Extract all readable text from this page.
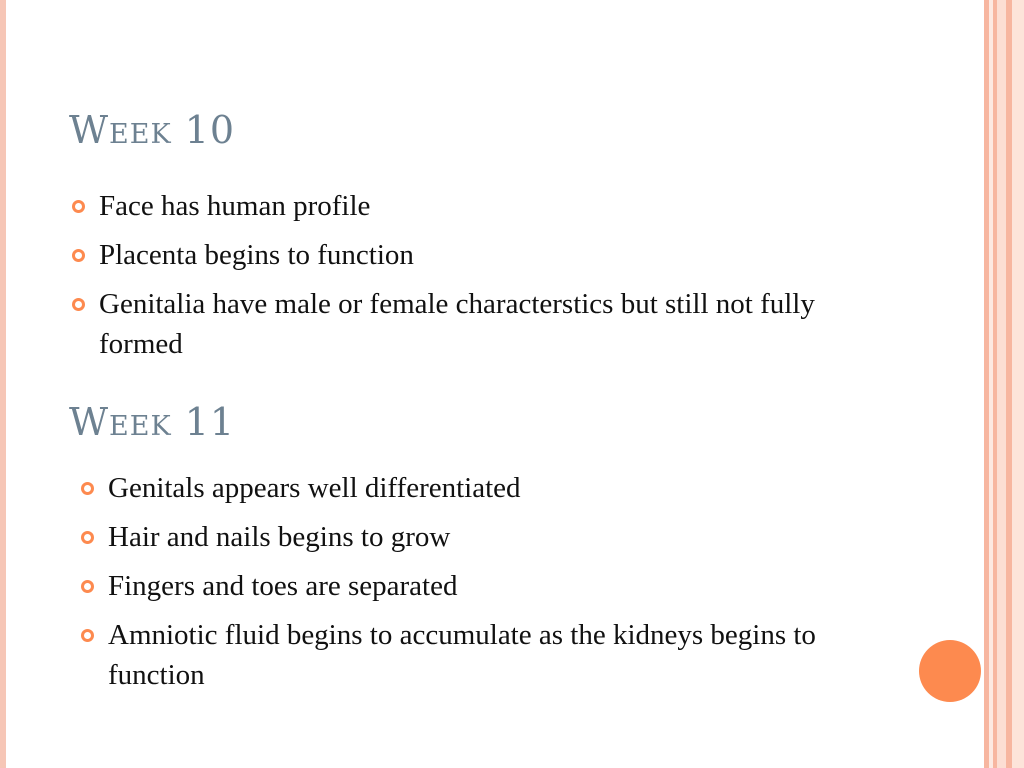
Week 10
Face has human profile
Placenta begins to function
Genitalia have male or female characterstics but still not fully formed
Week 11
Genitals appears well differentiated
Hair and nails begins to grow
Fingers and toes are separated
Amniotic fluid begins to accumulate as the kidneys begins to function
